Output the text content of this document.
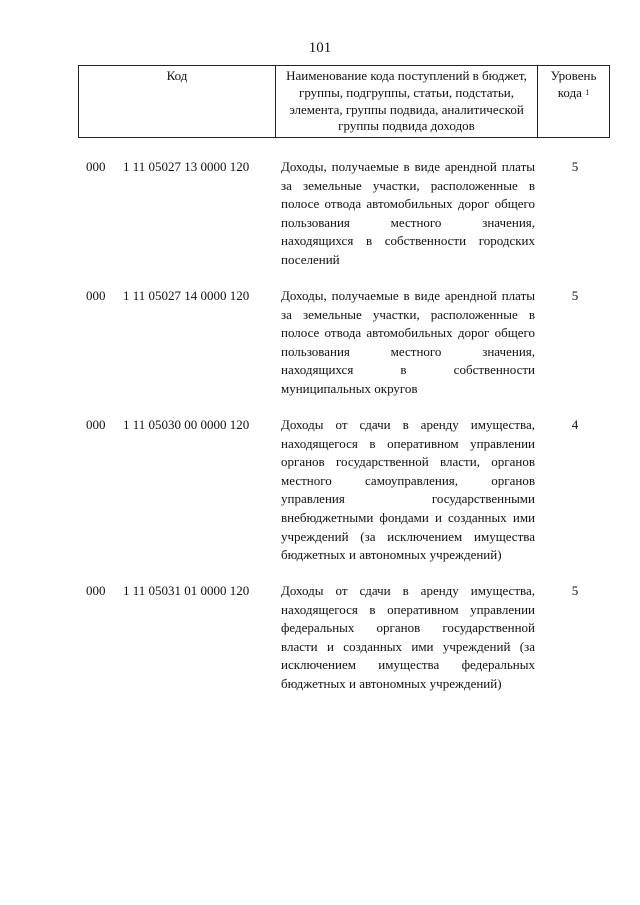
101
Код	Наименование кода поступлений в бюджет, группы, подгруппы, статьи, подстатьи, элемента, группы подвида, аналитической группы подвида доходов
Уровень кода $^1$
000 1 11 05027 13 0000 120 Доходы, получаемые в виде арендной платы за земельные участки, расположенные в полосе отвода автомобильных дорог общего пользования местного значения, находящихся в собственности городских поселений
5
000 1 11 05027 14 0000 120 Доходы, получаемые в виде арендной платы за земельные участки, расположенные в полосе отвода автомобильных дорог общего пользования местного значения, находящихся в собственности муниципальных округов
5
000 1 11 05030 00 0000 120 Доходы от сдачи в аренду имущества, находящегося в оперативном управлении органов государственной власти, органов местного самоуправления, органов управления государственными внебюджетными фондами и созданных ими учреждений (за исключением имущества бюджетных и автономных учреждений)
4
000 1 11 05031 01 0000 120 Доходы от сдачи в аренду имущества, находящегося в оперативном управлении федеральных органов государственной власти и созданных ими учреждений (за исключением имущества федеральных бюджетных и автономных учреждений)
5
